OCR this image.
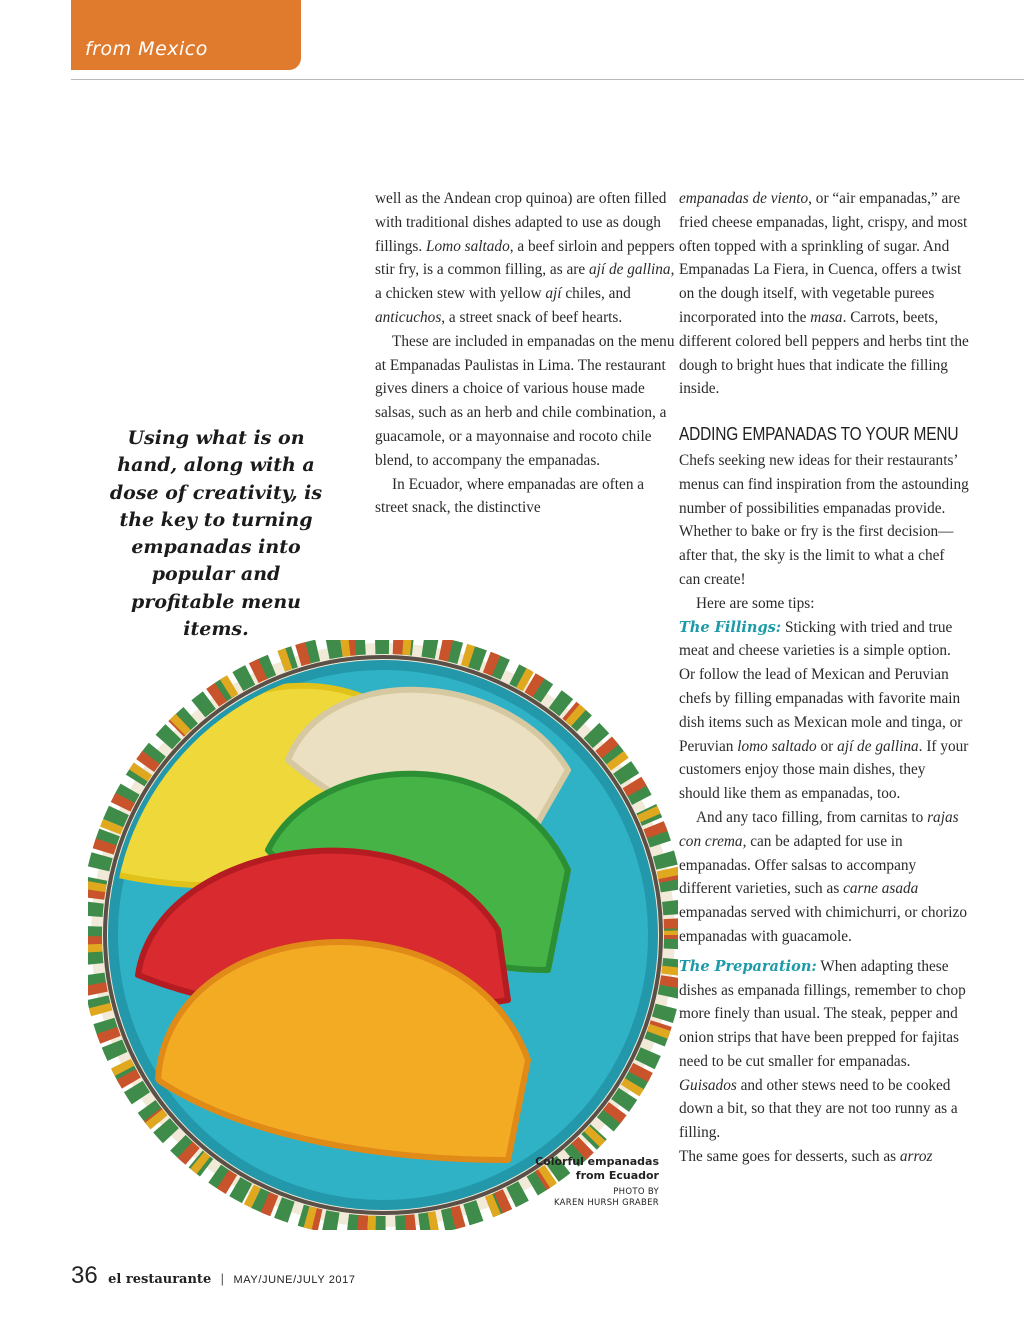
from Mexico
Using what is on hand, along with a dose of creativity, is the key to turning empanadas into popular and profitable menu items.

well as the Andean crop quinoa) are often filled with traditional dishes adapted to use as dough fillings. Lomo saltado, a beef sirloin and peppers stir fry, is a common filling, as are ají de gallina, a chicken stew with yellow ají chiles, and anticuchos, a street snack of beef hearts.

These are included in empanadas on the menu at Empanadas Paulistas in Lima. The restaurant gives diners a choice of various house made salsas, such as an herb and chile combination, a guacamole, or a mayonnaise and rocoto chile blend, to accompany the empanadas.

In Ecuador, where empanadas are often a street snack, the distinctive

empanadas de viento, or “air empanadas,” are fried cheese empanadas, light, crispy, and most often topped with a sprinkling of sugar. And Empanadas La Fiera, in Cuenca, offers a twist on the dough itself, with vegetable purees incorporated into the masa. Carrots, beets, different colored bell peppers and herbs tint the dough to bright hues that indicate the filling inside.

ADDING EMPANADAS TO YOUR MENU

Chefs seeking new ideas for their restaurants’ menus can find inspiration from the astounding number of possibilities empanadas provide. Whether to bake or fry is the first decision—after that, the sky is the limit to what a chef can create!

Here are some tips:

The Fillings: Sticking with tried and true meat and cheese varieties is a simple option. Or follow the lead of Mexican and Peruvian chefs by filling empanadas with favorite main dish items such as Mexican mole and tinga, or Peruvian lomo saltado or ají de gallina. If your customers enjoy those main dishes, they should like them as empanadas, too.

And any taco filling, from carnitas to rajas con crema, can be adapted for use in empanadas. Offer salsas to accompany different varieties, such as carne asada empanadas served with chimichurri, or chorizo empanadas with guacamole.

The Preparation: When adapting these dishes as empanada fillings, remember to chop more finely than usual. The steak, pepper and onion strips that have been prepped for fajitas need to be cut smaller for empanadas. Guisados and other stews need to be cooked down a bit, so that they are not too runny as a filling.

The same goes for desserts, such as arroz

Colorful empanadas
from Ecuador
PHOTO BY
KAREN HURSH GRABER
36 el restaurante | MAY/JUNE/JULY 2017
